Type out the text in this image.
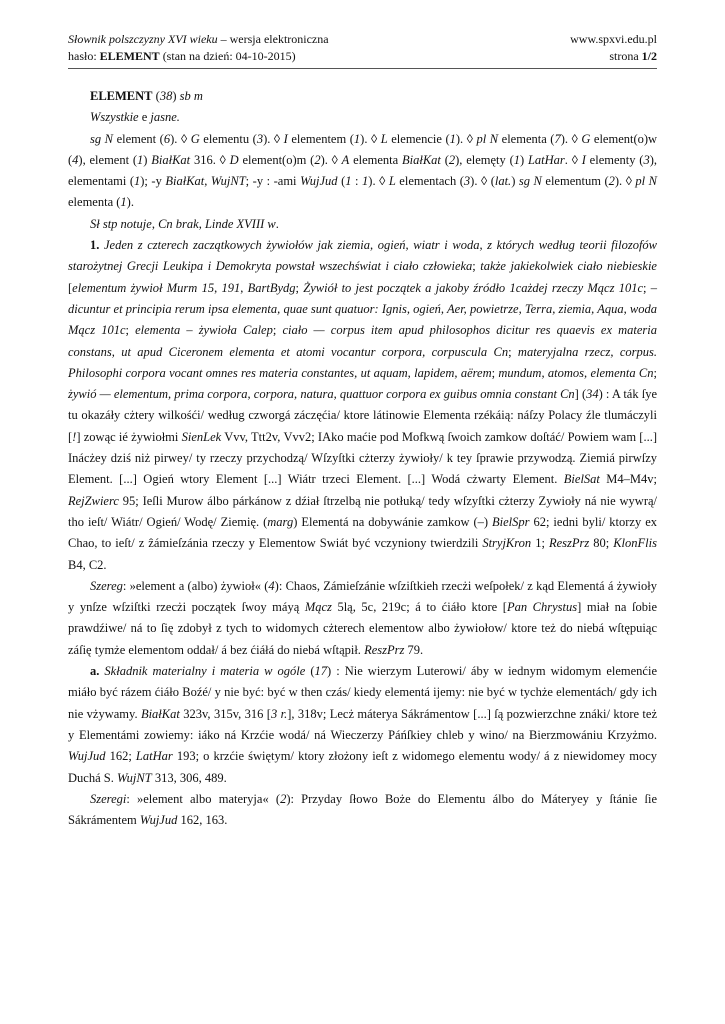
Słownik polszczyzny XVI wieku – wersja elektroniczna	www.spxvi.edu.pl
hasło: ELEMENT (stan na dzień: 04-10-2015)	strona 1/2

ELEMENT (38) sb m

Wszystkie e jasne.

sg N element (6). ◊ G elementu (3). ◊ I elementem (1). ◊ L elemencie (1). ◊ pl N elementa (7). ◊ G element(o)w (4), element (1) BiałKat 316. ◊ D element(o)m (2). ◊ A elementa BiałKat (2), elemęty (1) LatHar. ◊ I elementy (3), elementami (1); -y BiałKat, WujNT; -y : -ami WujJud (1 : 1). ◊ L elementach (3). ◊ (lat.) sg N elementum (2). ◊ pl N elementa (1).

Sł stp notuje, Cn brak, Linde XVIII w.

1. Jeden z czterech zaczątkowych żywiołów jak ziemia, ogień, wiatr i woda, z których według teorii filozofów starożytnej Grecji Leukipa i Demokryta powstał wszechświat i ciało człowieka; także jakiekolwiek ciało niebieskie [elementum żywioł Murm 15, 191, BartBydg; Żywiół to jest początek a jakoby źródło 1cażdej rzeczy Mącz 101c; – dicuntur et principia rerum ipsa elementa, quae sunt quatuor: Ignis, ogień, Aer, powietrze, Terra, ziemia, Aqua, woda Mącz 101c; elementa – żywioła Calep; ciało — corpus item apud philosophos dicitur res quaevis ex materia constans, ut apud Ciceronem elementa et atomi vocantur corpora, corpuscula Cn; materyjalna rzecz, corpus. Philosophi corpora vocant omnes res materia constantes, ut aquam, lapidem, aërem; mundum, atomos, elementa Cn; żywió — elementum, prima corpora, corpora, natura, quattuor corpora ex guibus omnia constant Cn] (34) : A ták ſye tu okazáły cżtery wilkośći/ według czworgá záczęćia/ ktore látinowie Elementa rzékáią: náſzy Polacy źle tlumáczyli [!] zowąc ié żywiołmi SienLek Vvv, Ttt2v, Vvv2; IAko maćie pod Mofkwą ſwoich zamkow doſtáć/ Powiem wam [...] Inácżey dziś niż pirwey/ ty rzeczy przychodzą/ Wſzyſtki cżterzy żywioły/ k tey ſprawie przywodzą. Ziemiá pirwſzy Element. [...] Ogień wtory Element [...] Wiátr trzeci Element. [...] Wodá cżwarty Element. BielSat M4–M4v; RejZwierc 95; Ieſli Murow álbo párkánow z dźiał ſtrzelbą nie potłuką/ tedy wſzyſtki cżterzy Zywioły ná nie wywrą/ tho ieſt/ Wiátr/ Ogień/ Wodę/ Ziemię. (marg) Elementá na dobywánie zamkow (–) BielSpr 62; iedni byli/ ktorzy ex Chao, to ieſt/ z ẑámieſzánia rzeczy y Elementow Swiát być vczyniony twierdzili StryjKron 1; ReszPrz 80; KlonFlis B4, C2.

Szereg: »element a (albo) żywioł« (4): Chaos, Zámieſzánie wſziſtkieh rzecżi weſpołek/ z kąd Elementá á żywioły y ynſze wſziſtki rzecżi początek ſwoy máyą Mącz 5lą, 5c, 219c; á to ćiáło ktore [Pan Chrystus] miał na ſobie prawdźiwe/ ná to ſię zdobył z tych to widomych cżterech elementow albo żywiołow/ ktore też do niebá wſtępuiąc záſię tymże elementom oddał/ á bez ćiáłá do niebá wſtąpił. ReszPrz 79.

a. Składnik materialny i materia w ogóle (17) : Nie wierzym Luterowi/ áby w iednym widomym elemenćie miáło być rázem ćiáło Boźé/ y nie być: być w then czás/ kiedy elementá ijemy: nie być w tychże elementách/ gdy ich nie vżywamy. BiałKat 323v, 315v, 316 [3 r.], 318v; Lecż máterya Sákrámentow [...] ſą pozwierzchne znáki/ ktore też y Elementámi zowiemy: iáko ná Krzćie wodá/ ná Wieczerzy Páńſkiey chleb y wino/ na Bierzmowániu Krzyżmo. WujJud 162; LatHar 193; o krzćie świętym/ ktory złożony ieſt z widomego elementu wody/ á z niewidomey mocy Duchá S. WujNT 313, 306, 489.

Szeregi: »element albo materyja« (2): Przyday ſłowo Boże do Elementu álbo do Máteryey y ſtánie ſie Sákrámentem WujJud 162, 163.
